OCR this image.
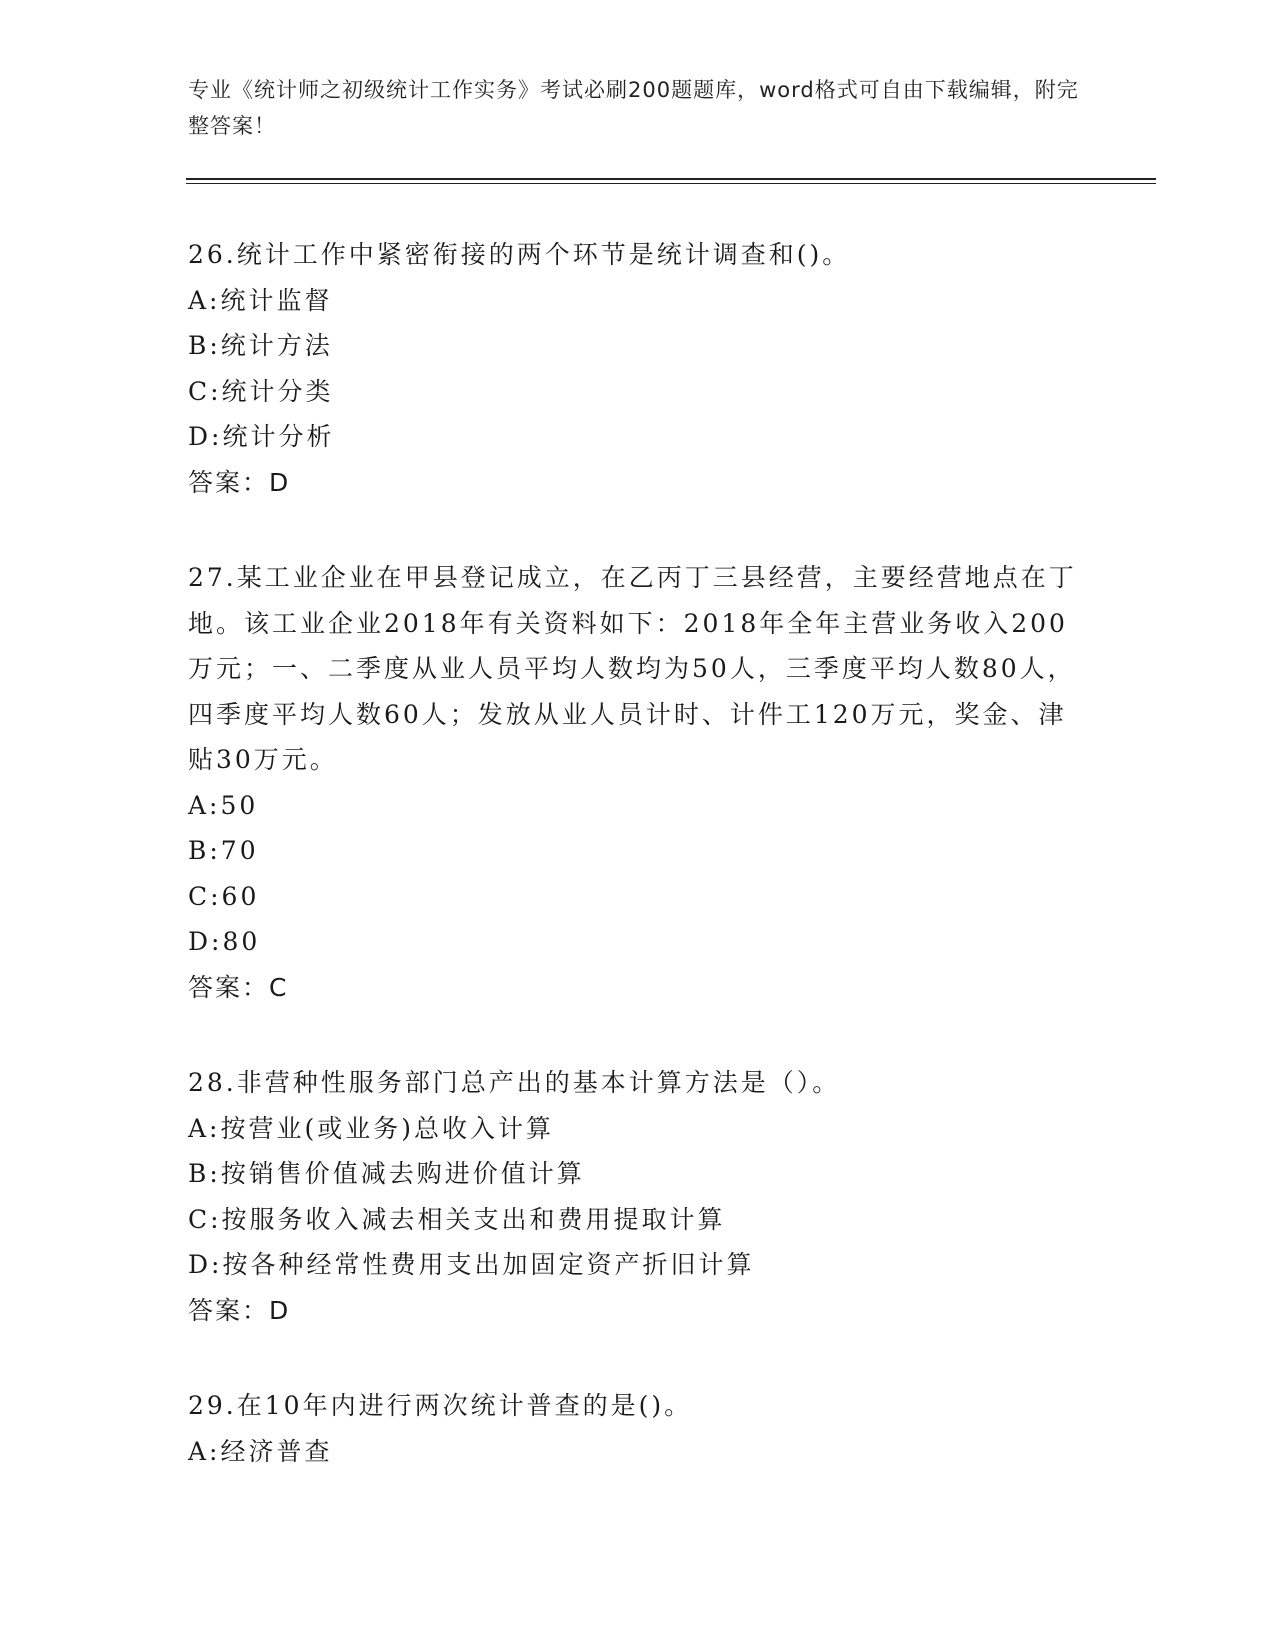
专业《统计师之初级统计工作实务》考试必刷200题题库，word格式可自由下载编辑，附完整答案！

26.统计工作中紧密衔接的两个环节是统计调查和()。

A:统计监督

B:统计方法

C:统计分类

D:统计分析

答案：D

27.某工业企业在甲县登记成立，在乙丙丁三县经营，主要经营地点在丁地。该工业企业2018年有关资料如下：2018年全年主营业务收入200万元；一、二季度从业人员平均人数均为50人，三季度平均人数80人，四季度平均人数60人；发放从业人员计时、计件工120万元，奖金、津贴30万元。

A:50

B:70

C:60

D:80

答案：C

28.非营种性服务部门总产出的基本计算方法是（）。

A:按营业(或业务)总收入计算

B:按销售价值减去购进价值计算

C:按服务收入减去相关支出和费用提取计算

D:按各种经常性费用支出加固定资产折旧计算

答案：D

29.在10年内进行两次统计普查的是()。

A:经济普查
